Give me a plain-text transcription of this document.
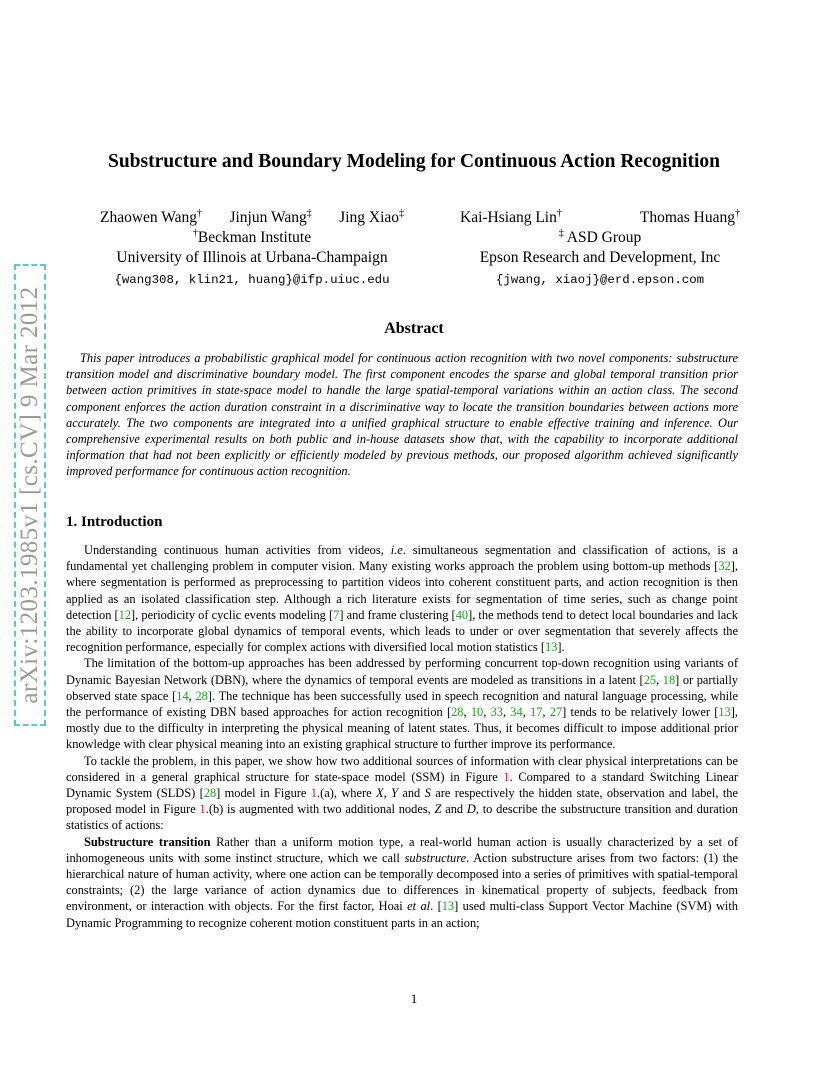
arXiv:1203.1985v1 [cs.CV] 9 Mar 2012
Substructure and Boundary Modeling for Continuous Action Recognition
Zhaowen Wang† Jinjun Wang‡ Jing Xiao‡
†Beckman Institute
University of Illinois at Urbana-Champaign
{wang308, klin21, huang}@ifp.uiuc.edu
Kai-Hsiang Lin†	Thomas Huang†
‡ ASD Group
Epson Research and Development, Inc
{jwang, xiaoj}@erd.epson.com
Abstract
This paper introduces a probabilistic graphical model for continuous action recognition with two novel components: substructure transition model and discriminative boundary model. The first component encodes the sparse and global temporal transition prior between action primitives in state-space model to handle the large spatial-temporal variations within an action class. The second component enforces the action duration constraint in a discriminative way to locate the transition boundaries between actions more accurately. The two components are integrated into a unified graphical structure to enable effective training and inference. Our comprehensive experimental results on both public and in-house datasets show that, with the capability to incorporate additional information that had not been explicitly or efficiently modeled by previous methods, our proposed algorithm achieved significantly improved performance for continuous action recognition.
1. Introduction

Understanding continuous human activities from videos, i.e. simultaneous segmentation and classification of actions, is a fundamental yet challenging problem in computer vision. Many existing works approach the problem using bottom-up methods [32], where segmentation is performed as preprocessing to partition videos into coherent constituent parts, and action recognition is then applied as an isolated classification step. Although a rich literature exists for segmentation of time series, such as change point detection [12], periodicity of cyclic events modeling [7] and frame clustering [40], the methods tend to detect local boundaries and lack the ability to incorporate global dynamics of temporal events, which leads to under or over segmentation that severely affects the recognition performance, especially for complex actions with diversified local motion statistics [13].

The limitation of the bottom-up approaches has been addressed by performing concurrent top-down recognition using variants of Dynamic Bayesian Network (DBN), where the dynamics of temporal events are modeled as transitions in a latent [25, 18] or partially observed state space [14, 28]. The technique has been successfully used in speech recognition and natural language processing, while the performance of existing DBN based approaches for action recognition [28, 10, 33, 34, 17, 27] tends to be relatively lower [13], mostly due to the difficulty in interpreting the physical meaning of latent states. Thus, it becomes difficult to impose additional prior knowledge with clear physical meaning into an existing graphical structure to further improve its performance.

To tackle the problem, in this paper, we show how two additional sources of information with clear physical interpretations can be considered in a general graphical structure for state-space model (SSM) in Figure 1. Compared to a standard Switching Linear Dynamic System (SLDS) [28] model in Figure 1.(a), where X, Y and S are respectively the hidden state, observation and label, the proposed model in Figure 1.(b) is augmented with two additional nodes, Z and D, to describe the substructure transition and duration statistics of actions:

Substructure transition Rather than a uniform motion type, a real-world human action is usually characterized by a set of inhomogeneous units with some instinct structure, which we call substructure. Action substructure arises from two factors: (1) the hierarchical nature of human activity, where one action can be temporally decomposed into a series of primitives with spatial-temporal constraints; (2) the large variance of action dynamics due to differences in kinematical property of subjects, feedback from environment, or interaction with objects. For the first factor, Hoai et al. [13] used multi-class Support Vector Machine (SVM) with Dynamic Programming to recognize coherent motion constituent parts in an action;

1
